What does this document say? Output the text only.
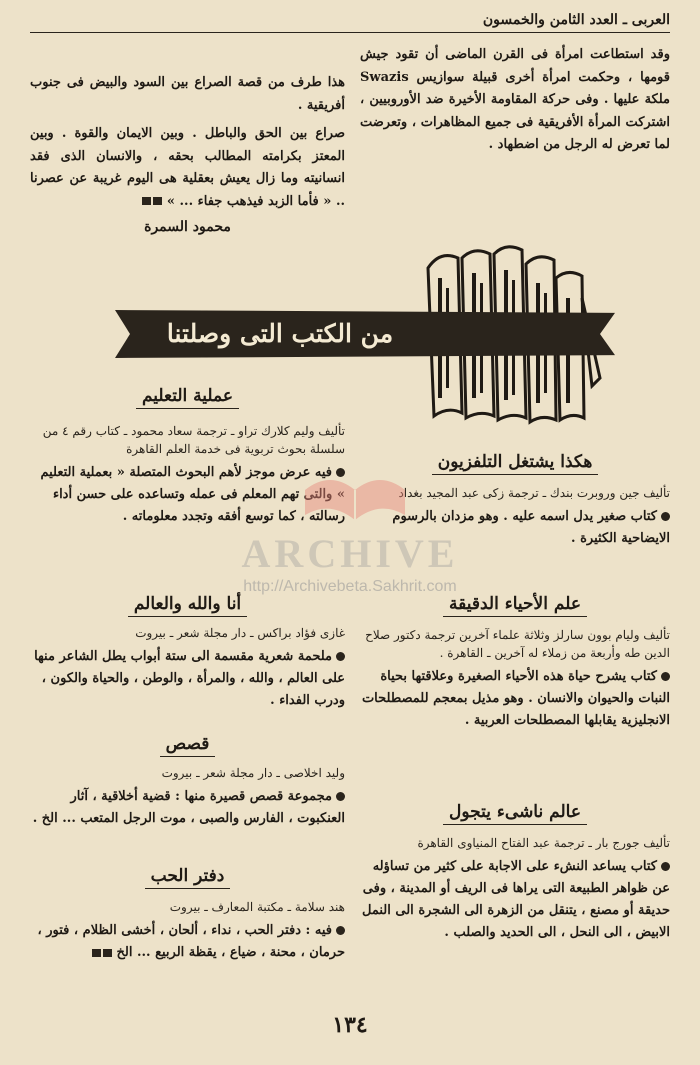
العربى ـ العدد الثامن والخمسون

وقد استطاعت امرأة فى القرن الماضى أن تقود جيش قومها ، وحكمت امرأة أخرى قبيلة سوازيس Swazis ملكة عليها . وفى حركة المقاومة الأخيرة ضد الأوروبيين ، اشتركت المرأة الأفريقية فى جميع المظاهرات ، وتعرضت لما تعرض له الرجل من اضطهاد .

هذا طرف من قصة الصراع بين السود والبيض فى جنوب أفريقية .

صراع بين الحق والباطل . وبين الايمان والقوة . وبين المعتز بكرامته المطالب بحقه ، والانسان الذى فقد انسانيته وما زال يعيش بعقلية هى اليوم غريبة عن عصرنا .. « فأما الزبد فيذهب جفاء ... »

محمود السمرة
من الكتب التى وصلتنا
عملية التعليم

تأليف وليم كلارك تراو ـ ترجمة سعاد محمود ـ كتاب رقم ٤ من سلسلة بحوث تربوية فى خدمة العلم القاهرة

فيه عرض موجز لأهم البحوث المتصلة « بعملية التعليم » والتى تهم المعلم فى عمله وتساعده على حسن أداء رسالته ، كما توسع أفقه وتجدد معلوماته .

أنا والله والعالم

غازى فؤاد براكس ـ دار مجلة شعر ـ بيروت

ملحمة شعرية مقسمة الى ستة أبواب يطل الشاعر منها على العالم ، والله ، والمرأة ، والوطن ، والحياة والكون ، ودرب الفداء .

قصص

وليد اخلاصى ـ دار مجلة شعر ـ بيروت

مجموعة قصص قصيرة منها : قضية أخلاقية ، آثار العنكبوت ، الفارس والصبى ، موت الرجل المتعب ... الخ .

دفتر الحب

هند سلامة ـ مكتبة المعارف ـ بيروت

فيه : دفتر الحب ، نداء ، ألحان ، أخشى الظلام ، فتور ، حرمان ، محنة ، ضياع ، يقظة الربيع ... الخ

هكذا يشتغل التلفزيون

تأليف جين وروبرت بندك ـ ترجمة زكى عبد المجيد بغداد

كتاب صغير يدل اسمه عليه . وهو مزدان بالرسوم الايضاحية الكثيرة .

علم الأحياء الدقيقة

تأليف وليام بوون سارلز وثلاثة علماء آخرين ترجمة دكتور صلاح الدين طه وأربعة من زملاء له آخرين ـ القاهرة .

كتاب يشرح حياة هذه الأحياء الصغيرة وعلاقتها بحياة النبات والحيوان والانسان . وهو مذيل بمعجم للمصطلحات الانجليزية يقابلها المصطلحات العربية .

عالم ناشىء يتجول

تأليف جورج بار ـ ترجمة عبد الفتاح المنياوى القاهرة

كتاب يساعد النشء على الاجابة على كثير من تساؤله عن ظواهر الطبيعة التى يراها فى الريف أو المدينة ، وفى حديقة أو مصنع ، يتنقل من الزهرة الى الشجرة الى النمل الابيض ، الى النحل ، الى الحديد والصلب .

ARCHIVE
http://Archivebeta.Sakhrit.com
١٣٤
